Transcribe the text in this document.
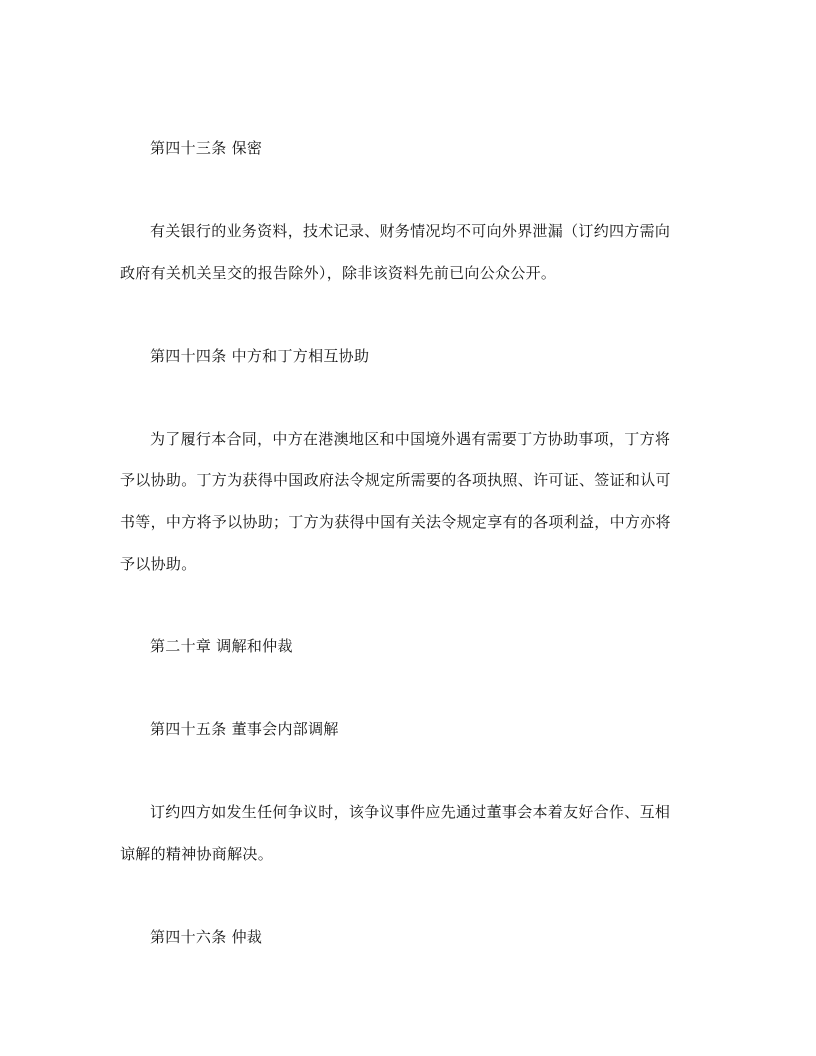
第四十三条 保密
有关银行的业务资料，技术记录、财务情况均不可向外界泄漏（订约四方需向
政府有关机关呈交的报告除外），除非该资料先前已向公众公开。
第四十四条 中方和丁方相互协助
为了履行本合同，中方在港澳地区和中国境外遇有需要丁方协助事项，丁方将
予以协助。丁方为获得中国政府法令规定所需要的各项执照、许可证、签证和认可
书等，中方将予以协助；丁方为获得中国有关法令规定享有的各项利益，中方亦将
予以协助。
第二十章 调解和仲裁
第四十五条 董事会内部调解
订约四方如发生任何争议时，该争议事件应先通过董事会本着友好合作、互相
谅解的精神协商解决。
第四十六条 仲裁
